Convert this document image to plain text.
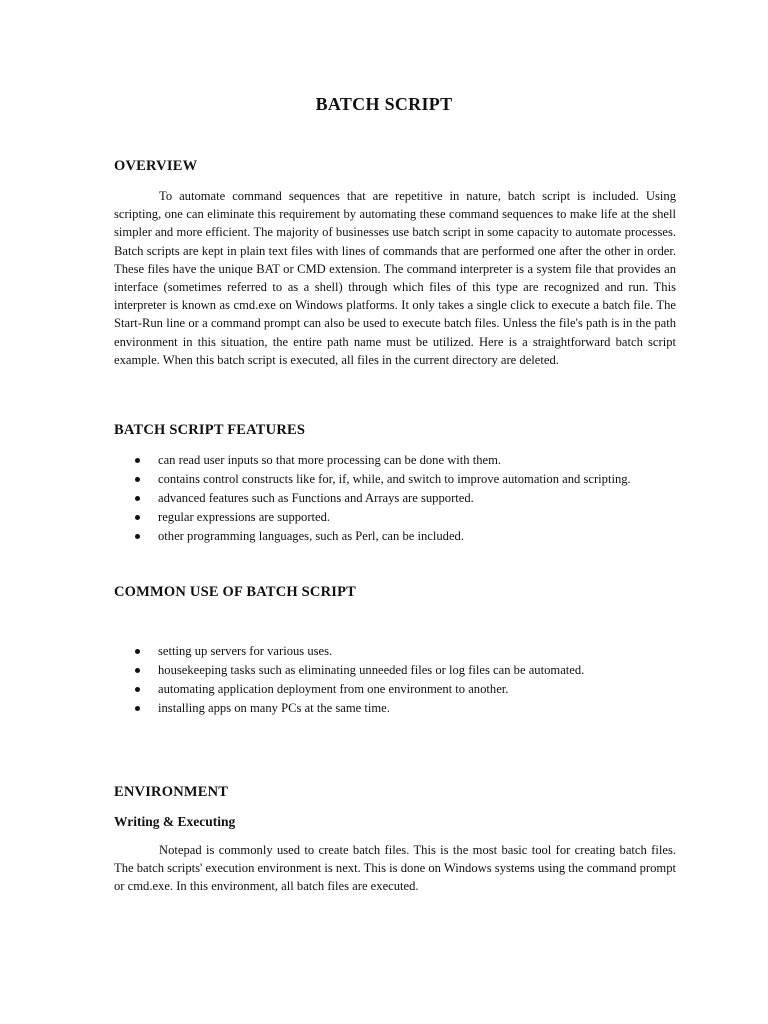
BATCH SCRIPT
OVERVIEW
To automate command sequences that are repetitive in nature, batch script is included. Using scripting, one can eliminate this requirement by automating these command sequences to make life at the shell simpler and more efficient. The majority of businesses use batch script in some capacity to automate processes. Batch scripts are kept in plain text files with lines of commands that are performed one after the other in order. These files have the unique BAT or CMD extension. The command interpreter is a system file that provides an interface (sometimes referred to as a shell) through which files of this type are recognized and run. This interpreter is known as cmd.exe on Windows platforms. It only takes a single click to execute a batch file. The Start-Run line or a command prompt can also be used to execute batch files. Unless the file's path is in the path environment in this situation, the entire path name must be utilized. Here is a straightforward batch script example. When this batch script is executed, all files in the current directory are deleted.
BATCH SCRIPT FEATURES
can read user inputs so that more processing can be done with them.
contains control constructs like for, if, while, and switch to improve automation and scripting.
advanced features such as Functions and Arrays are supported.
regular expressions are supported.
other programming languages, such as Perl, can be included.
COMMON USE OF BATCH SCRIPT
setting up servers for various uses.
housekeeping tasks such as eliminating unneeded files or log files can be automated.
automating application deployment from one environment to another.
installing apps on many PCs at the same time.
ENVIRONMENT
Writing & Executing
Notepad is commonly used to create batch files. This is the most basic tool for creating batch files. The batch scripts' execution environment is next. This is done on Windows systems using the command prompt or cmd.exe. In this environment, all batch files are executed.
